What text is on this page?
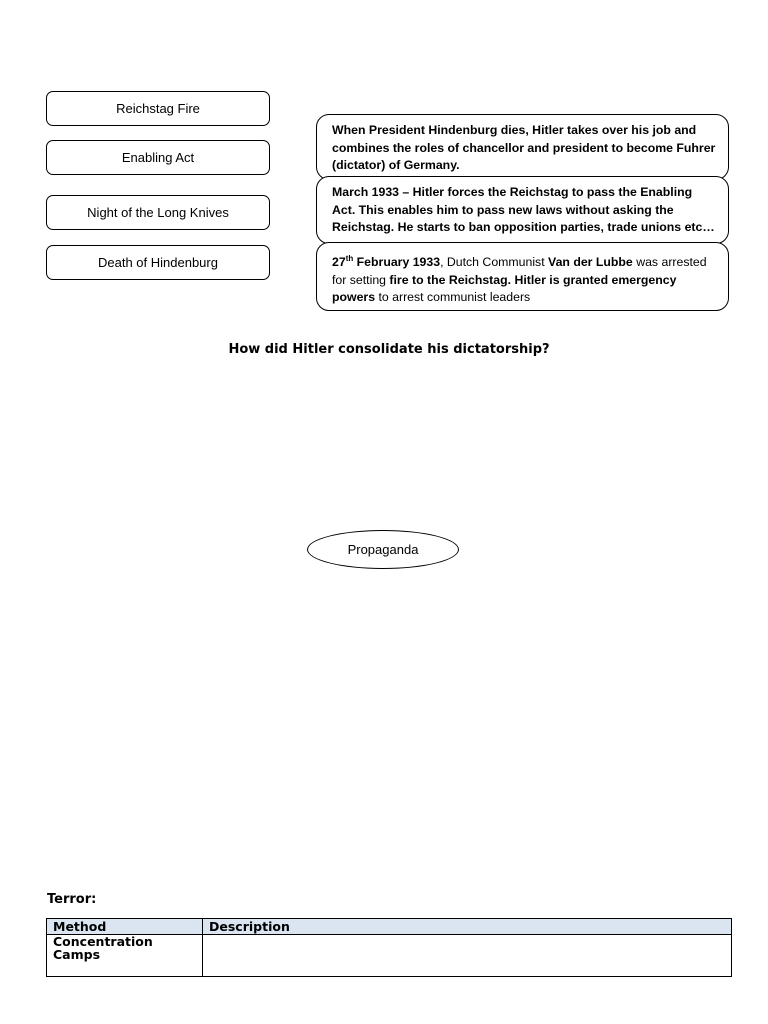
Reichstag Fire
Enabling Act
Night of the Long Knives
Death of Hindenburg
When President Hindenburg dies, Hitler takes over his job and combines the roles of chancellor and president to become Fuhrer (dictator) of Germany.
March 1933 – Hitler forces the Reichstag to pass the Enabling Act. This enables him to pass new laws without asking the Reichstag. He starts to ban opposition parties, trade unions etc…
27th February 1933, Dutch Communist Van der Lubbe was arrested for setting fire to the Reichstag. Hitler is granted emergency powers to arrest communist leaders
How did Hitler consolidate his dictatorship?
Propaganda
Terror:
Method	Description
Concentration Camps	
